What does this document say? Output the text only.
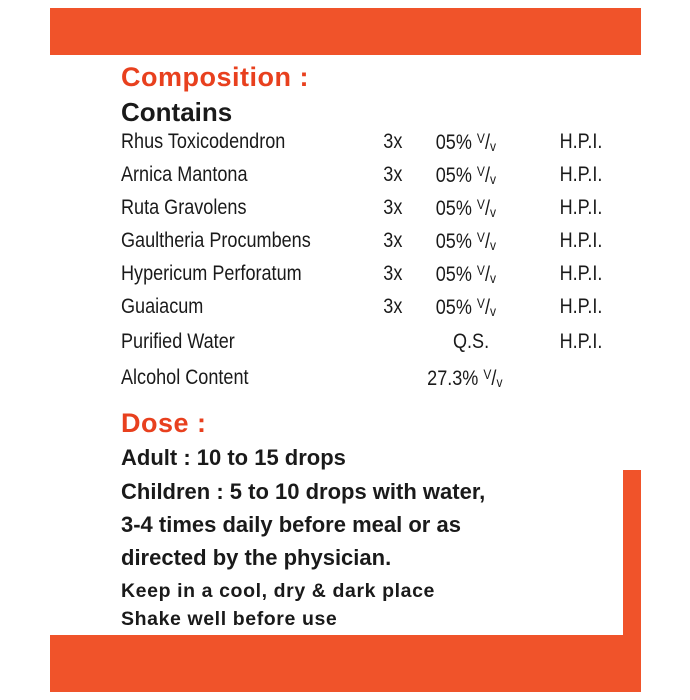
Composition :
Contains
Rhus Toxicodendron	3x 05% $^V$/v	H.P.I.
Arnica Mantona	3x 05% $^V$/v	H.P.I.
Ruta Gravolens	3x 05% $^V$/v	H.P.I.
Gaultheria Procumbens	3x 05% $^V$/v	H.P.I.
Hypericum Perforatum	3x 05% $^V$/v	H.P.I.
Guaiacum	3x 05% $^V$/v	H.P.I.
Purified Water	Q.S.	H.P.I.
Alcohol Content	27.3% $^V$/v
Dose :
Adult : 10 to 15 drops
Children : 5 to 10 drops with water,
3-4 times daily before meal or as
directed by the physician.
Keep in a cool, dry & dark place
Shake well before use
